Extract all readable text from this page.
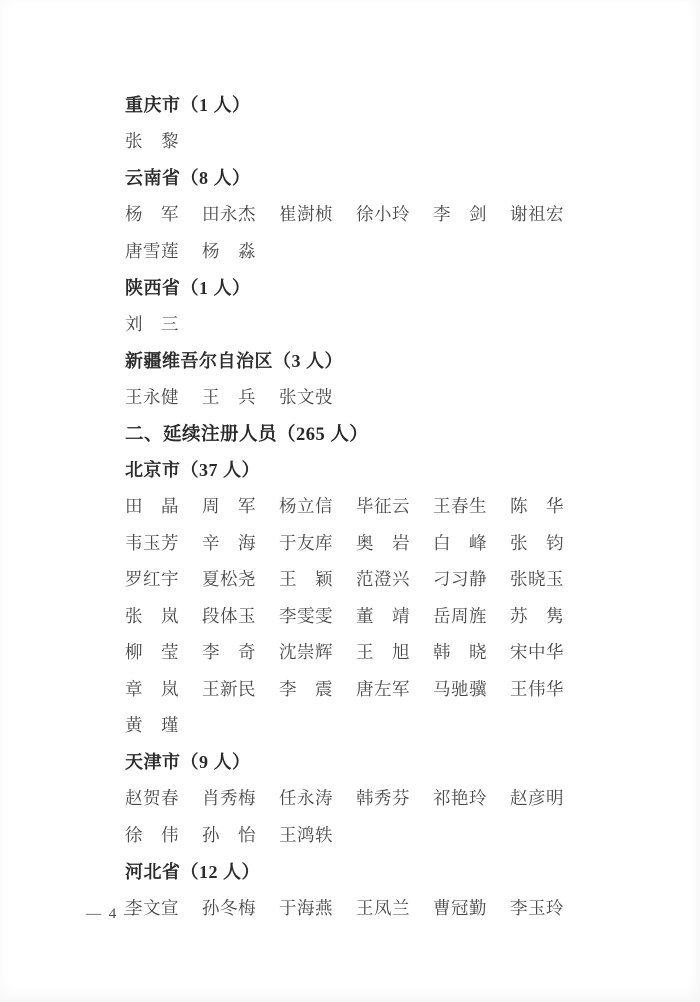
重庆市（1 人）
张　黎
云南省（8 人）
杨　军	田永杰	崔澍桢	徐小玲	李　剑	谢祖宏
唐雪莲	杨　淼
陕西省（1 人）
刘　三
新疆维吾尔自治区（3 人）
王永健	王　兵	张文弢
二、延续注册人员（265 人）
北京市（37 人）
田　晶	周　军	杨立信	毕征云	王春生	陈　华
韦玉芳	辛　海	于友库	奥　岩	白　峰	张　钧
罗红宇	夏松尧	王　颖	范澄兴	刁习静	张晓玉
张　岚	段体玉	李雯雯	董　靖	岳周旌	苏　隽
柳　莹	李　奇	沈崇辉	王　旭	韩　晓	宋中华
章　岚	王新民	李　震	唐左军	马驰骥	王伟华
黄　瑾
天津市（9 人）
赵贺春	肖秀梅	任永涛	韩秀芬	祁艳玲	赵彦明
徐　伟	孙　怡	王鸿轶
河北省（12 人）
李文宣	孙冬梅	于海燕	王凤兰	曹冠勤	李玉玲
— 4 —
